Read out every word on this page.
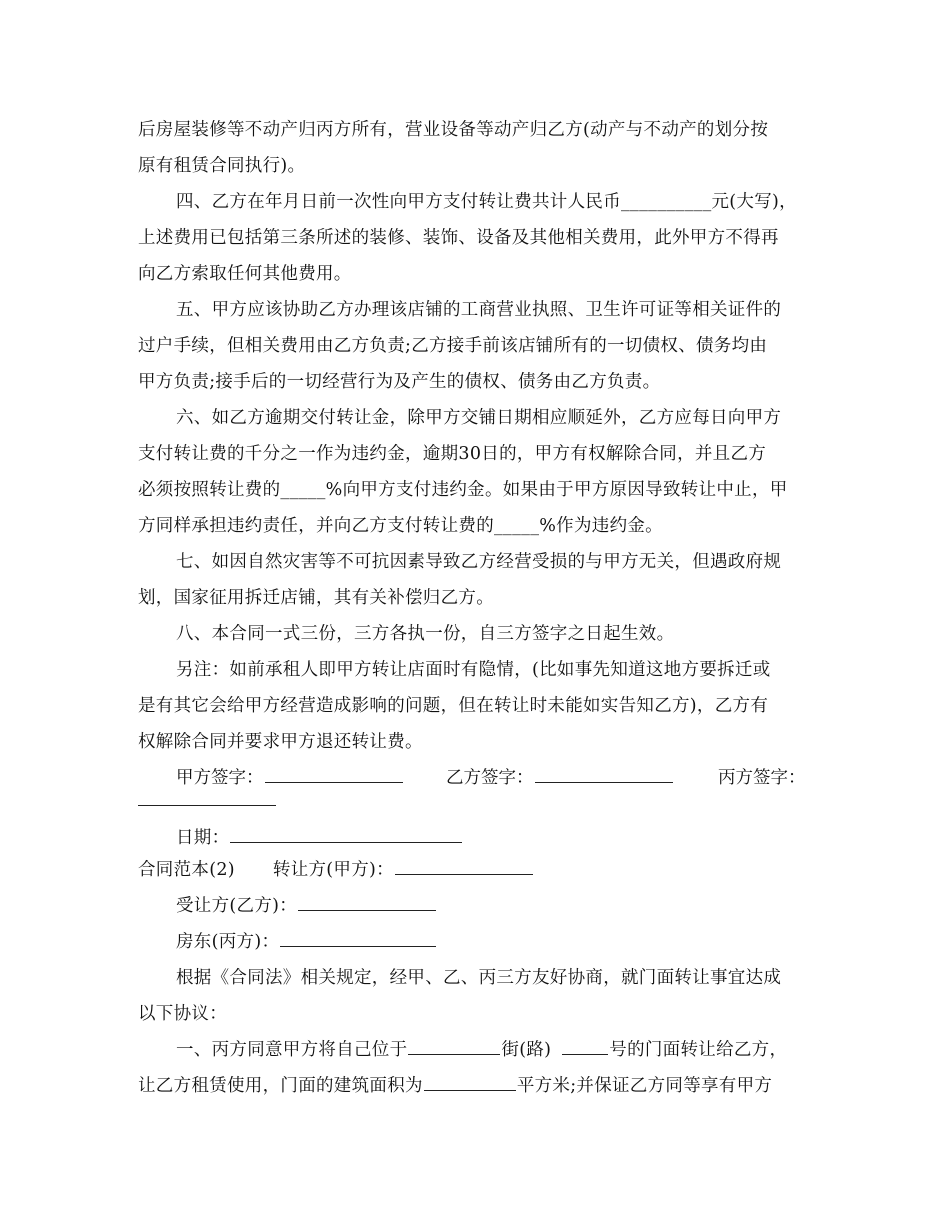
后房屋装修等不动产归丙方所有，营业设备等动产归乙方(动产与不动产的划分按
原有租赁合同执行)。
四、乙方在年月日前一次性向甲方支付转让费共计人民币__________元(大写)，
上述费用已包括第三条所述的装修、装饰、设备及其他相关费用，此外甲方不得再
向乙方索取任何其他费用。
五、甲方应该协助乙方办理该店铺的工商营业执照、卫生许可证等相关证件的
过户手续，但相关费用由乙方负责;乙方接手前该店铺所有的一切债权、债务均由
甲方负责;接手后的一切经营行为及产生的债权、债务由乙方负责。
六、如乙方逾期交付转让金，除甲方交铺日期相应顺延外，乙方应每日向甲方
支付转让费的千分之一作为违约金，逾期30日的，甲方有权解除合同，并且乙方
必须按照转让费的_____%向甲方支付违约金。如果由于甲方原因导致转让中止，甲
方同样承担违约责任，并向乙方支付转让费的_____%作为违约金。
七、如因自然灾害等不可抗因素导致乙方经营受损的与甲方无关，但遇政府规
划，国家征用拆迁店铺，其有关补偿归乙方。
八、本合同一式三份，三方各执一份，自三方签字之日起生效。
另注：如前承租人即甲方转让店面时有隐情，(比如事先知道这地方要拆迁或
是有其它会给甲方经营造成影响的问题，但在转让时未能如实告知乙方)，乙方有
权解除合同并要求甲方退还转让费。
甲方签字：	乙方签字：	丙方签字：
日期：
合同范本(2) 转让方(甲方)：
受让方(乙方)：
房东(丙方)：
根据《合同法》相关规定，经甲、乙、丙三方友好协商，就门面转让事宜达成
以下协议：
一、丙方同意甲方将自己位于	街(路)	号的门面转让给乙方，
让乙方租赁使用，门面的建筑面积为	平方米;并保证乙方同等享有甲方
